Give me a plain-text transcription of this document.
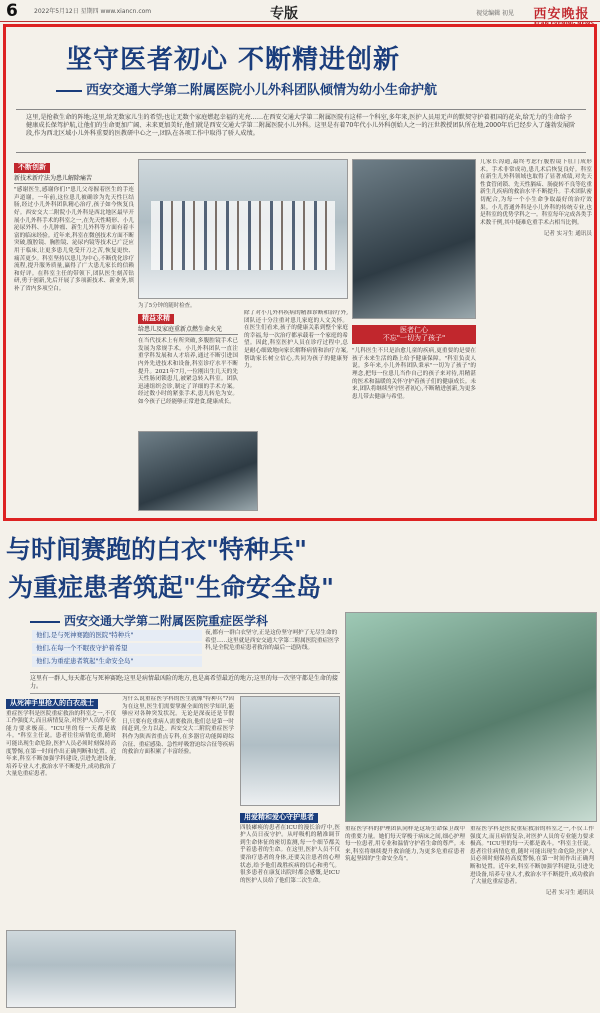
6	2022年5月12日 星期四 www.xiancn.com	专版	视觉编辑 初见 西安晚报
坚守医者初心 不断精进创新
西安交通大学第二附属医院小儿外科团队倾情为幼小生命护航
这里,是抢救生命的阵地;这里,给无数家儿生的希望;也让无数个家庭燃起幸福的光亮……在西安交通大学第二附属医院有这样一个科室,多年来,医护人员用无声的默契守护着祖国的花朵,给无力的生命给予健康成长保驾护航,让他们的生命更加广阔、未来更加美好,他们就是西安交通大学第二附属医院小儿外科。这里是有着70年代小儿外科创始人之一的汪世教授团队所在地,2000年后已经步入了蓬勃发展阶段,作为西北区域小儿外科重要的医教研中心之一,团队在各项工作中取得了骄人成绩。
不断创新
新技术新疗法为患儿解除痛苦
"感谢医生,感谢你们!"患儿父母握着医生的手连声道谢。一年前,这位患儿被确诊为先天性巨结肠,经过小儿外科团队精心治疗,孩子如今恢复良好。西安交大二附院小儿外科是西北地区最早开展小儿外科手术的科室之一,在先天性畸形、小儿泌尿外科、小儿肿瘤、新生儿外科等方面有着丰富的临床经验。近年来,科室在微创技术方面不断突破,腹腔镜、胸腔镜、泌尿内镜等技术已广泛应用于临床,让更多患儿免受开刀之苦,恢复更快、痛苦更少。科室坚持以患儿为中心,不断优化诊疗流程,提升服务质量,赢得了广大患儿家长的信赖和好评。在科室主任的带领下,团队医生刻苦钻研,勇于创新,先后开展了多项新技术、新业务,填补了省内多项空白。
为了5分钟的随时检查。
精益求精
给患儿及家庭重新点燃生命火光
在当代技术上有所突破,多腹腔镜手术已发展为常规手术。小儿外科团队一直注重学科发展和人才培养,通过不断引进国内外先进技术和设备,科室诊疗水平不断提升。2021年7月,一位刚出生几天的先天性肠闭锁患儿,被紧急转入科室。团队迅速组织会诊,制定了详细的手术方案。经过数小时的紧张手术,患儿转危为安。如今孩子已经能够正常进食,健康成长。
除了对小儿外科疾病的精准诊断和治疗外,团队还十分注重对患儿家庭的人文关怀。在医生们看来,孩子的健康关系到整个家庭的幸福,每一次治疗都承载着一个家庭的希望。因此,科室医护人员在诊疗过程中,总是耐心细致地向家长解释病情和治疗方案,帮助家长树立信心,共同为孩子的健康努力。
医者仁心
不忘"一切为了孩子"
"儿科医生不只是治愈儿童的疾病,更重要的是要在孩子未来生活的路上给予健康保障。"科室负责人说。多年来,小儿外科团队秉承"一切为了孩子"的理念,把每一位患儿当作自己的孩子来对待,用精湛的医术和温暖的关怀守护着孩子们的健康成长。未来,团队将继续坚守医者初心,不断精进创新,为更多患儿带去健康与希望。
儿家长沟通,最终考虑行腹腔镜下肛门成形术。手术非常成功,患儿术后恢复良好。科室在新生儿外科领域也取得了显著成绩,对先天性食管闭锁、先天性膈疝、肠旋转不良等危重新生儿疾病的救治水平不断提升。手术团队密切配合,为每一个小生命争取最好的治疗效果。小儿普通外科是小儿外科的传统专业,也是科室的优势学科之一。科室每年完成各类手术数千例,其中疑难危重手术占相当比例。
记者 实习生 通讯员
与时间赛跑的白衣"特种兵"
为重症患者筑起"生命安全岛"
西安交通大学第二附属医院重症医学科
他们,是与死神赛跑的医院"特种兵"
他们,在每一个不眠夜守护着希望
他们,为重症患者筑起"生命安全岛"
夜,都有一群白衣坚守,正是这份坚守呵护了无尽生命的希望……这里就是西安交通大学第二附属医院重症医学科,是全院危重症患者救治的最后一道防线。
这里有一群人,每天都在与死神赛跑;这里是病情最凶险的地方,也是离希望最近的地方;这里的每一次坚守都是生命的接力。
从死神手里抢人的白衣战士
重症医学科是医院重症救治的科室之一,不仅工作强度大,而且病情复杂,对医护人员的专业能力要求极高。"ICU里的每一天都是战斗。"科室主任说。患者往往病情危重,随时可能出现生命危险,医护人员必须时刻保持高度警惕,在第一时间作出正确判断和处置。近年来,科室不断加强学科建设,引进先进设备,培养专业人才,救治水平不断提升,成功救治了大量危重症患者。
为什么说重症医学科的医生就像"特种兵"?因为在这里,医生们需要掌握全面的医学知识,能够应对各种突发状况。无论是深夜还是节假日,只要有危重病人需要救治,他们总是第一时间赶到,全力以赴。西安交大二附院重症医学科作为陕西省重点专科,在多器官功能障碍综合征、重症感染、急性呼吸窘迫综合征等疾病的救治方面积累了丰富经验。
用爱精和爱心守护患者
四肢瘫痪的患者在ICU的漫长治疗中,医护人员日夜守护。从呼吸机的精准调节到生命体征的密切监测,每一个细节都关乎着患者的生命。在这里,医护人员不仅要治疗患者的身体,还要关注患者的心理状态,给予他们战胜疾病的信心和勇气。很多患者在康复出院时都会感慨,是ICU的医护人员给了他们第二次生命。
重症医学科的护理团队同样是这场生命保卫战中的重要力量。她们每天穿梭于病床之间,细心护理每一位患者,用专业和温情守护着生命的尊严。未来,科室将继续提升救治能力,为更多危重症患者筑起坚固的"生命安全岛"。
重症医学科是医院重症救治的科室之一,不仅工作强度大,而且病情复杂,对医护人员的专业能力要求极高。"ICU里的每一天都是战斗。"科室主任说。患者往往病情危重,随时可能出现生命危险,医护人员必须时刻保持高度警惕,在第一时间作出正确判断和处置。近年来,科室不断加强学科建设,引进先进设备,培养专业人才,救治水平不断提升,成功救治了大量危重症患者。
记者 实习生 通讯员
